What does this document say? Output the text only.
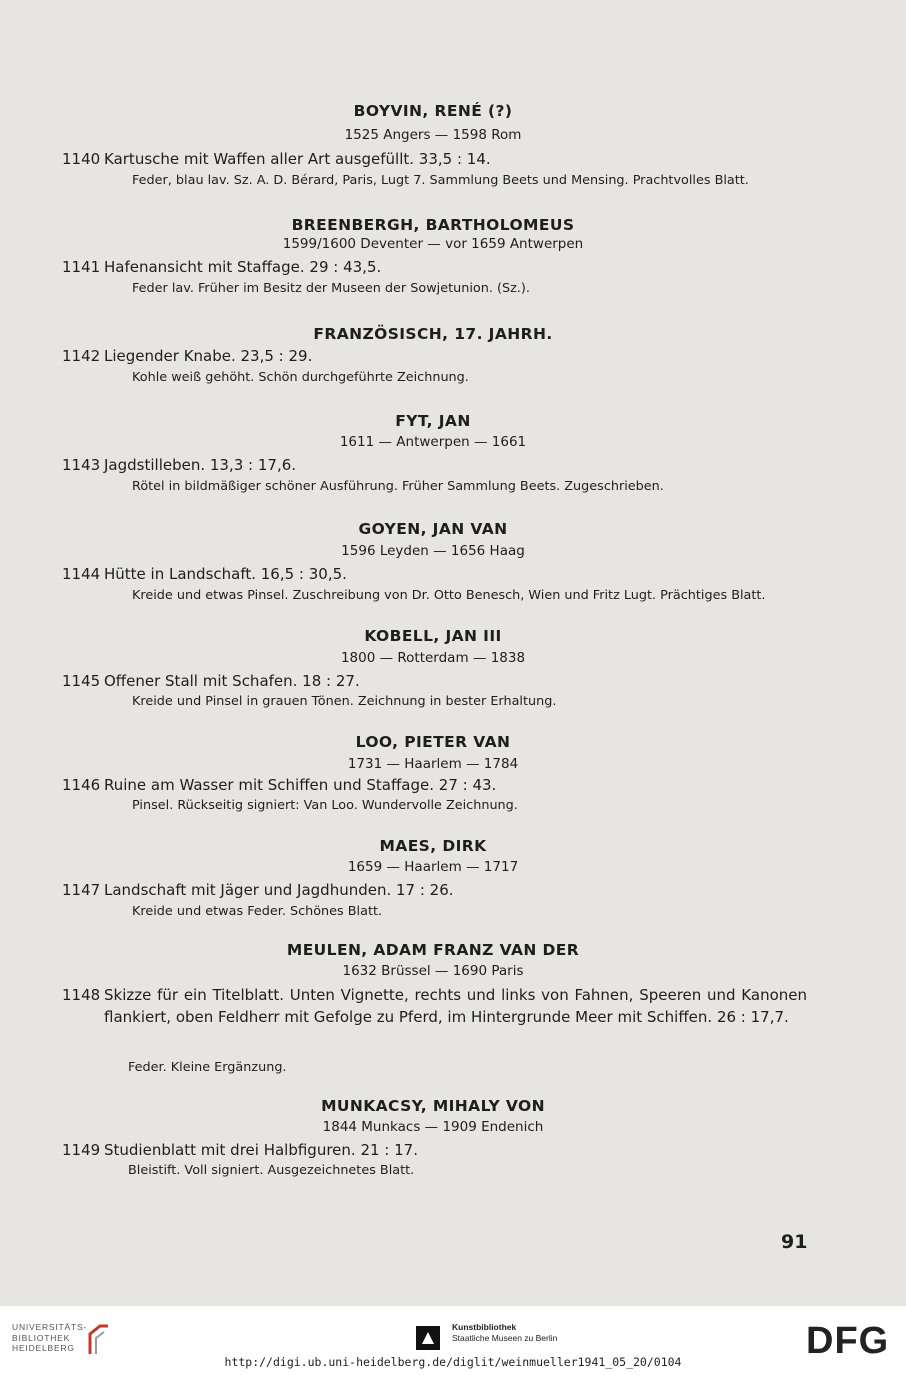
BOYVIN, RENÉ (?)
1525 Angers — 1598 Rom
1140 Kartusche mit Waffen aller Art ausgefüllt. 33,5 : 14.
Feder, blau lav. Sz. A. D. Bérard, Paris, Lugt 7. Sammlung Beets und Mensing. Prachtvolles Blatt.
BREENBERGH, BARTHOLOMEUS
1599/1600 Deventer — vor 1659 Antwerpen
1141 Hafenansicht mit Staffage. 29 : 43,5.
Feder lav. Früher im Besitz der Museen der Sowjetunion. (Sz.).
FRANZÖSISCH, 17. JAHRH.
1142 Liegender Knabe. 23,5 : 29.
Kohle weiß gehöht. Schön durchgeführte Zeichnung.
FYT, JAN
1611 — Antwerpen — 1661
1143 Jagdstilleben. 13,3 : 17,6.
Rötel in bildmäßiger schöner Ausführung. Früher Sammlung Beets. Zugeschrieben.
GOYEN, JAN VAN
1596 Leyden — 1656 Haag
1144 Hütte in Landschaft. 16,5 : 30,5.
Kreide und etwas Pinsel. Zuschreibung von Dr. Otto Benesch, Wien und Fritz Lugt. Prächtiges Blatt.
KOBELL, JAN III
1800 — Rotterdam — 1838
1145 Offener Stall mit Schafen. 18 : 27.
Kreide und Pinsel in grauen Tönen. Zeichnung in bester Erhaltung.
LOO, PIETER VAN
1731 — Haarlem — 1784
1146 Ruine am Wasser mit Schiffen und Staffage. 27 : 43.
Pinsel. Rückseitig signiert: Van Loo. Wundervolle Zeichnung.
MAES, DIRK
1659 — Haarlem — 1717
1147 Landschaft mit Jäger und Jagdhunden. 17 : 26.
Kreide und etwas Feder. Schönes Blatt.
MEULEN, ADAM FRANZ VAN DER
1632 Brüssel — 1690 Paris
1148 Skizze für ein Titelblatt. Unten Vignette, rechts und links von Fahnen, Speeren und Kanonen flankiert, oben Feldherr mit Gefolge zu Pferd, im Hintergrunde Meer mit Schiffen. 26 : 17,7.
Feder. Kleine Ergänzung.
MUNKACSY, MIHALY VON
1844 Munkacs — 1909 Endenich
1149 Studienblatt mit drei Halbfiguren. 21 : 17.
Bleistift. Voll signiert. Ausgezeichnetes Blatt.
91
UNIVERSITÄTS-
BIBLIOTHEK
HEIDELBERG
Kunstbibliothek
Staatliche Museen zu Berlin	DFG
http://digi.ub.uni-heidelberg.de/diglit/weinmueller1941_05_20/0104
